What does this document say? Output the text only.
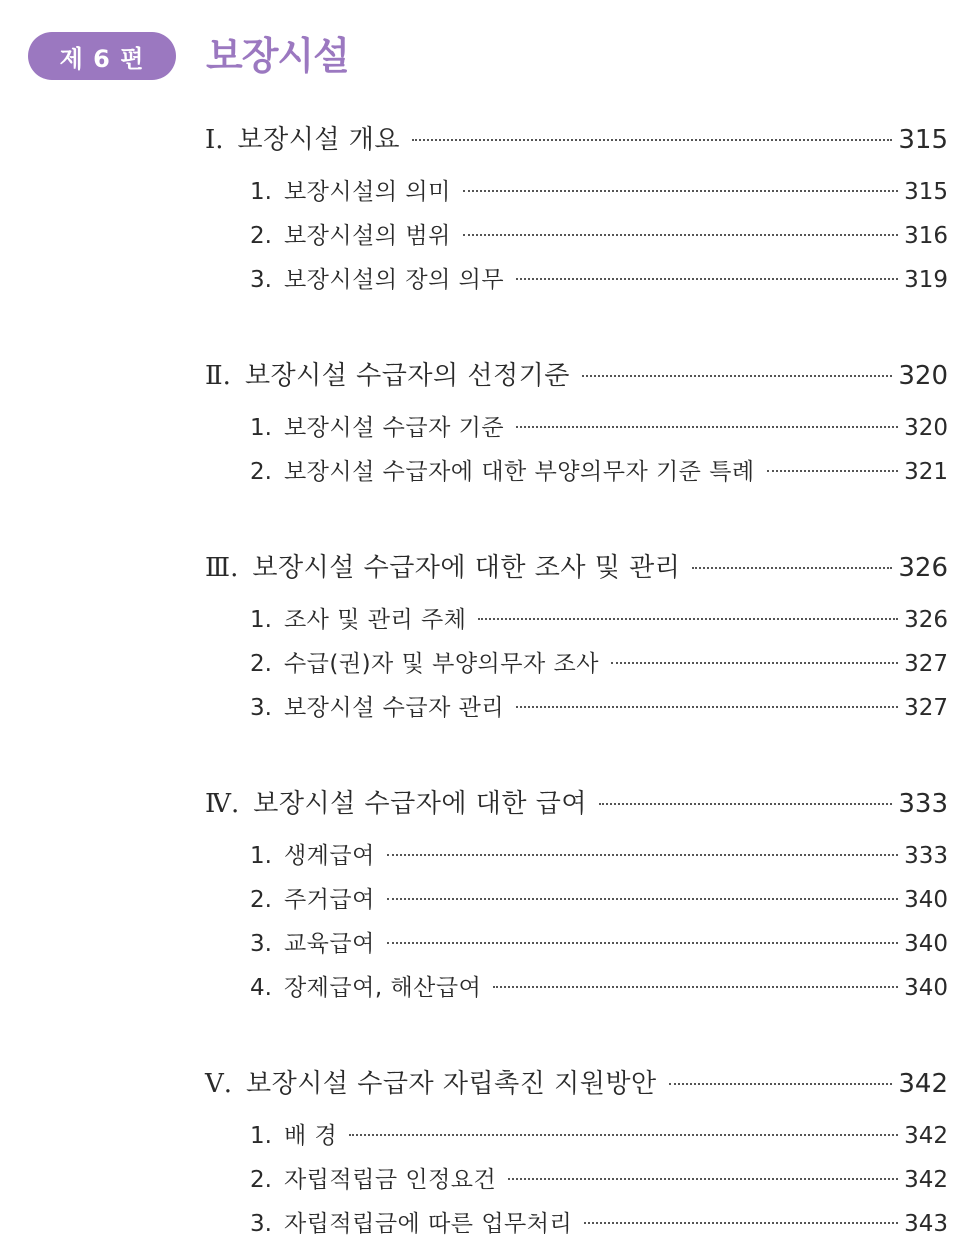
제 6 편	보장시설
Ⅰ. 보장시설 개요	315
1. 보장시설의 의미	315
2. 보장시설의 범위	316
3. 보장시설의 장의 의무	319
Ⅱ. 보장시설 수급자의 선정기준	320
1. 보장시설 수급자 기준	320
2. 보장시설 수급자에 대한 부양의무자 기준 특례	321
Ⅲ. 보장시설 수급자에 대한 조사 및 관리	326
1. 조사 및 관리 주체	326
2. 수급(권)자 및 부양의무자 조사	327
3. 보장시설 수급자 관리	327
Ⅳ. 보장시설 수급자에 대한 급여	333
1. 생계급여	333
2. 주거급여	340
3. 교육급여	340
4. 장제급여, 해산급여	340
Ⅴ. 보장시설 수급자 자립촉진 지원방안	342
1. 배 경	342
2. 자립적립금 인정요건	342
3. 자립적립금에 따른 업무처리	343
